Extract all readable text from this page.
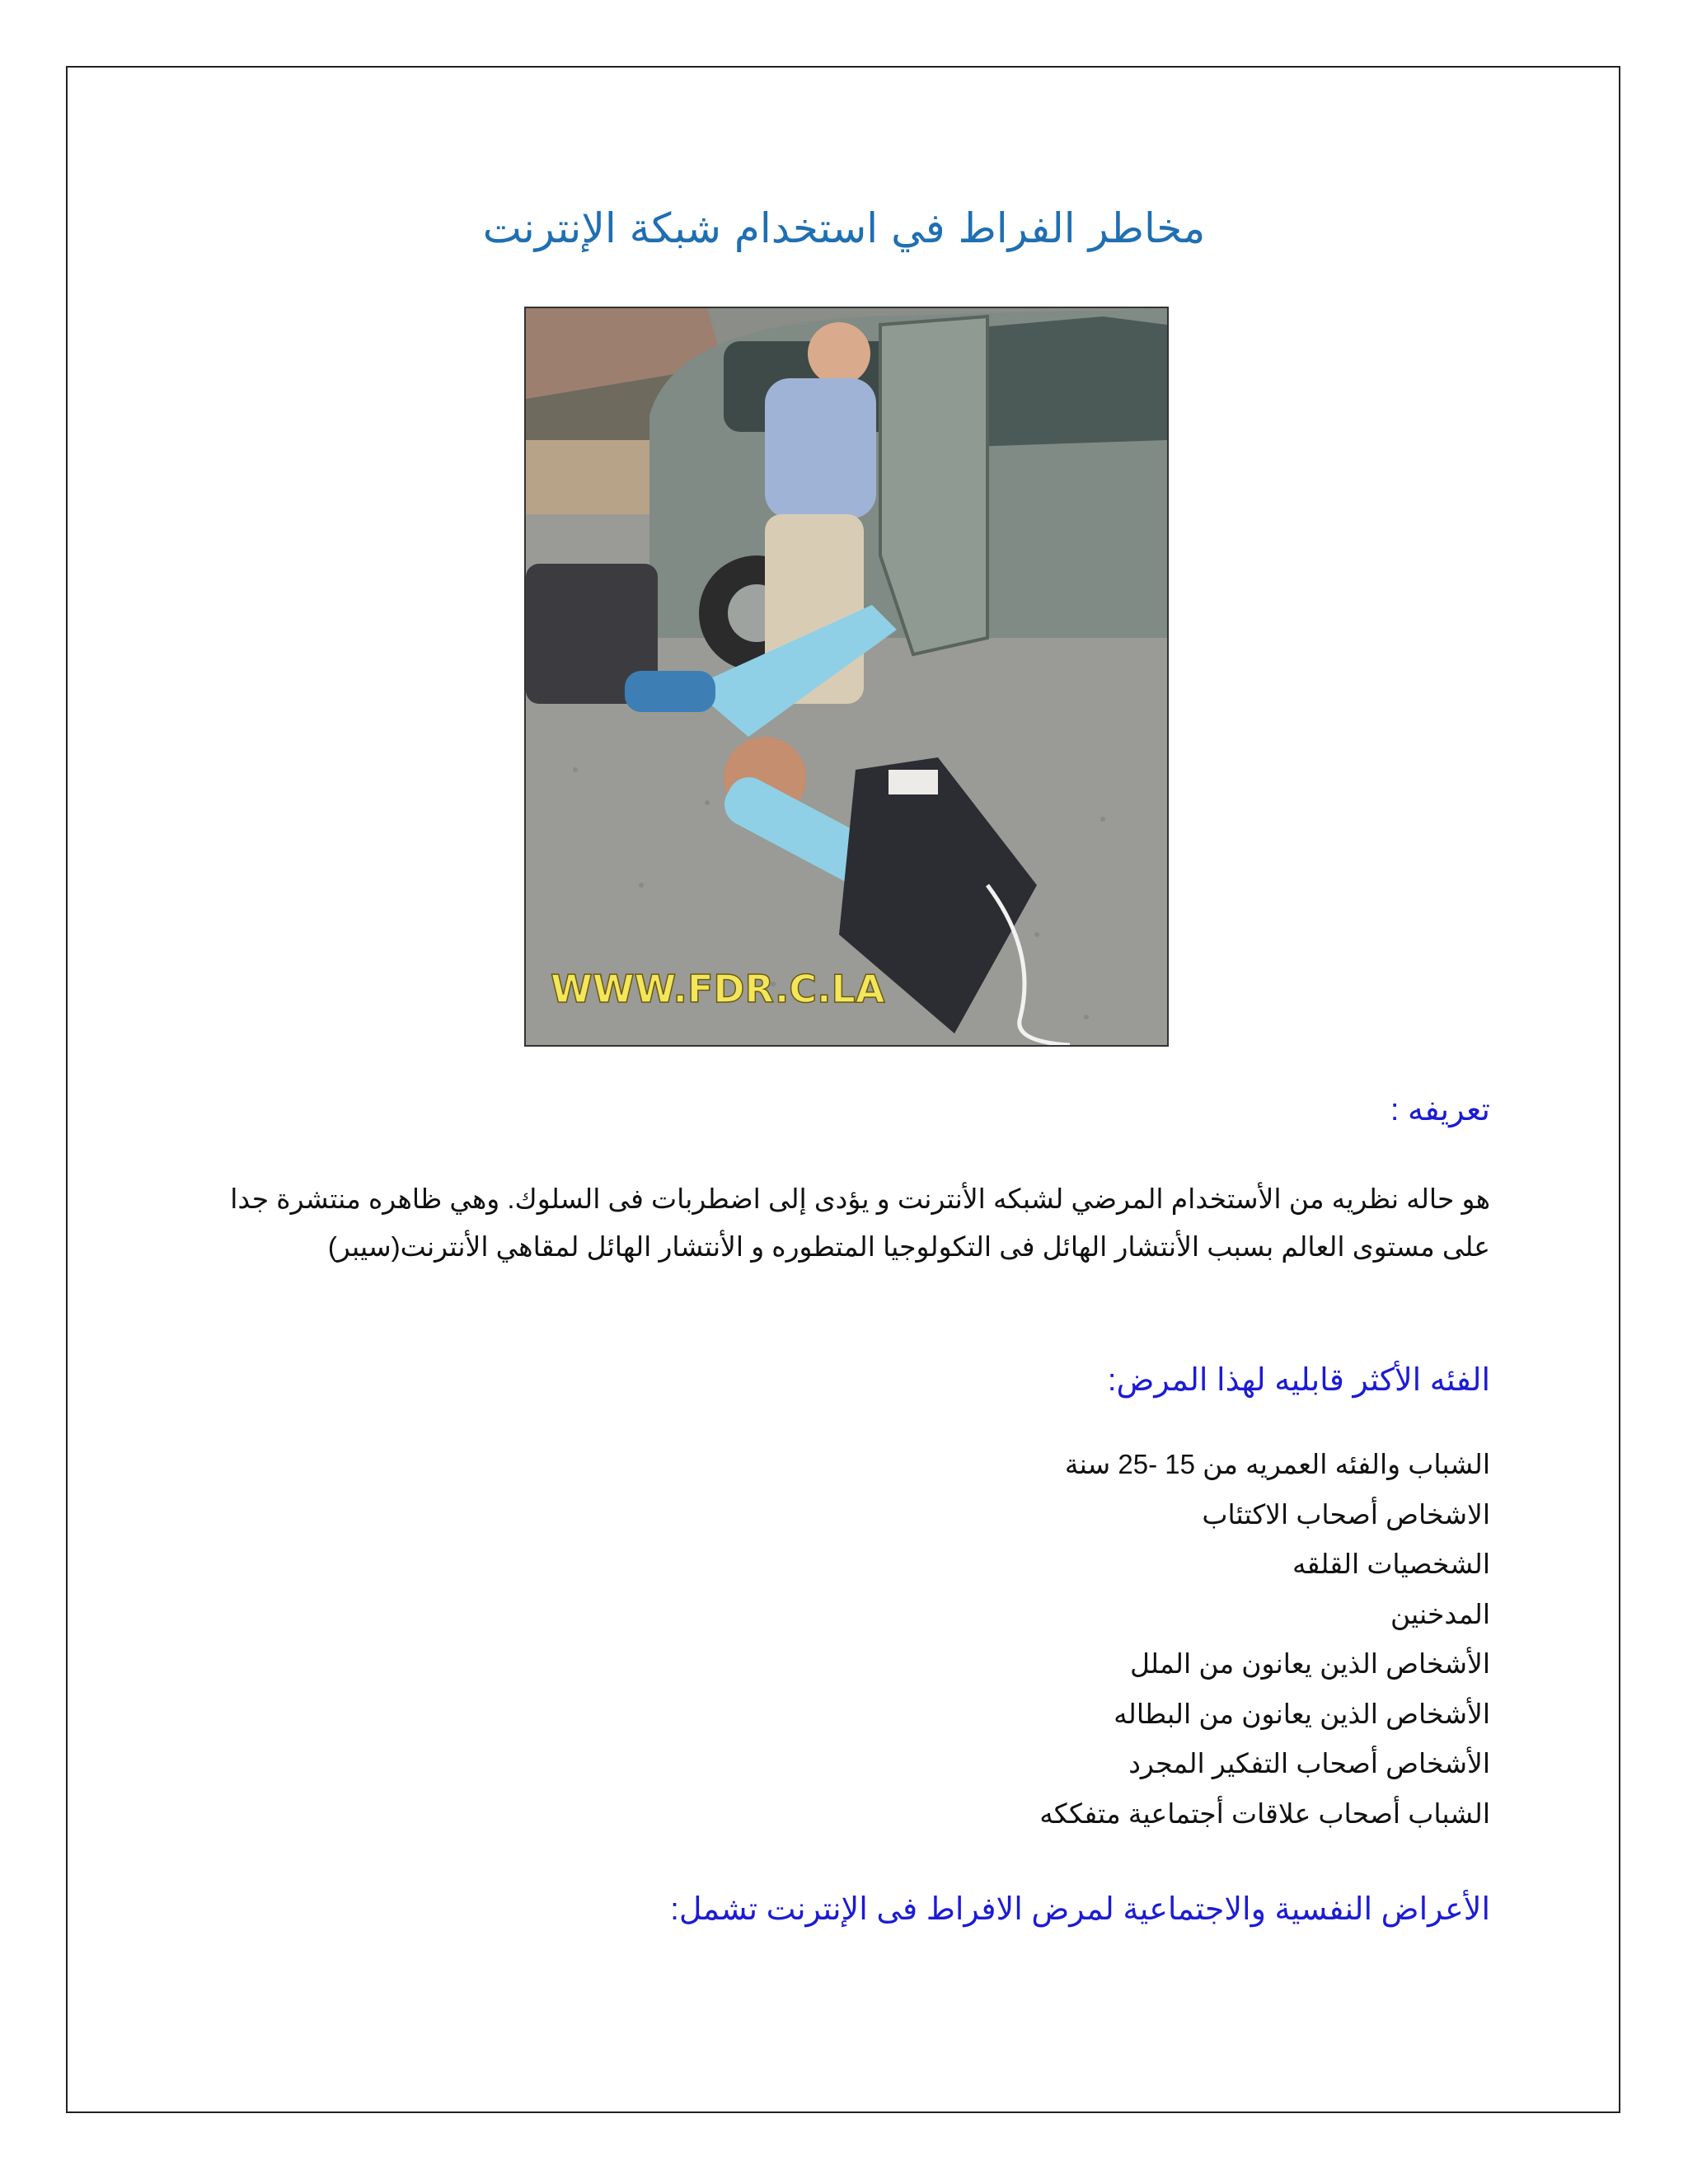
مخاطر الفراط في استخدام شبكة الإنترنت
WWW.FDR.C.LA
تعريفه :
هو حاله نظريه من الأستخدام المرضي لشبكه الأنترنت و يؤدى إلى اضطربات فى السلوك. وهي ظاهره منتشرة جدا على مستوى العالم بسبب الأنتشار الهائل فى التكولوجيا المتطوره و الأنتشار الهائل لمقاهي الأنترنت(سيبر)
الفئه الأكثر قابليه لهذا المرض:
الشباب والفئه العمريه من 15 -25 سنة
الاشخاص أصحاب الاكتئاب
الشخصيات القلقه
المدخنين
الأشخاص الذين يعانون من الملل
الأشخاص الذين يعانون من البطاله
الأشخاص أصحاب التفكير المجرد
الشباب أصحاب علاقات أجتماعية متفككه
الأعراض النفسية والاجتماعية لمرض الافراط فى الإنترنت تشمل:
